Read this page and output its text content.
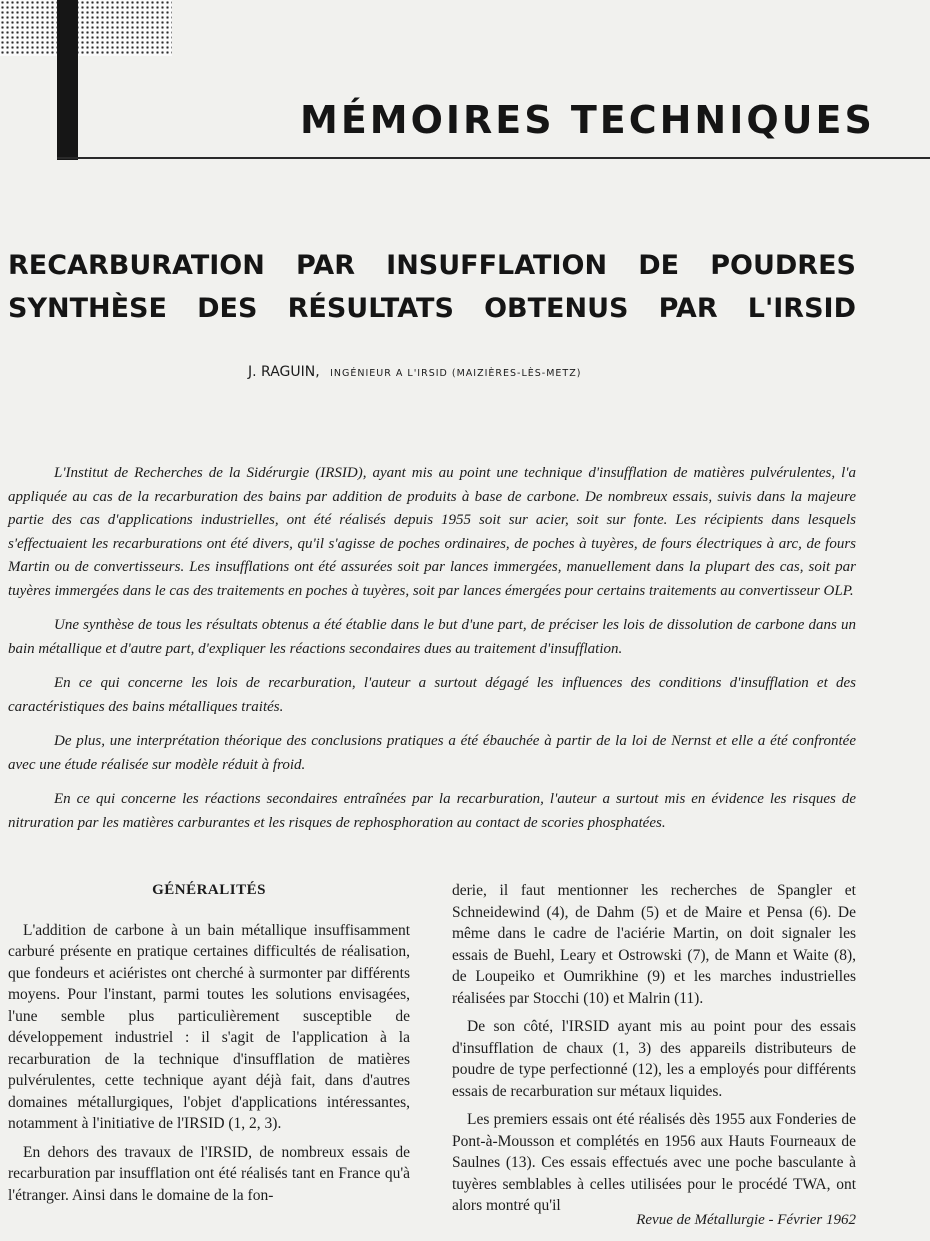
MÉMOIRES TECHNIQUES
RECARBURATION PAR INSUFFLATION DE POUDRES
SYNTHÈSE DES RÉSULTATS OBTENUS PAR L'IRSID
J. RAGUIN, INGÉNIEUR A L'IRSID (MAIZIÈRES-LÈS-METZ)

L'Institut de Recherches de la Sidérurgie (IRSID), ayant mis au point une technique d'insufflation de matières pulvérulentes, l'a appliquée au cas de la recarburation des bains par addition de produits à base de carbone. De nombreux essais, suivis dans la majeure partie des cas d'applications industrielles, ont été réalisés depuis 1955 soit sur acier, soit sur fonte. Les récipients dans lesquels s'effectuaient les recarburations ont été divers, qu'il s'agisse de poches ordinaires, de poches à tuyères, de fours électriques à arc, de fours Martin ou de convertisseurs. Les insufflations ont été assurées soit par lances immergées, manuellement dans la plupart des cas, soit par tuyères immergées dans le cas des traitements en poches à tuyères, soit par lances émergées pour certains traitements au convertisseur OLP.

Une synthèse de tous les résultats obtenus a été établie dans le but d'une part, de préciser les lois de dissolution de carbone dans un bain métallique et d'autre part, d'expliquer les réactions secondaires dues au traitement d'insufflation.

En ce qui concerne les lois de recarburation, l'auteur a surtout dégagé les influences des conditions d'insufflation et des caractéristiques des bains métalliques traités.

De plus, une interprétation théorique des conclusions pratiques a été ébauchée à partir de la loi de Nernst et elle a été confrontée avec une étude réalisée sur modèle réduit à froid.

En ce qui concerne les réactions secondaires entraînées par la recarburation, l'auteur a surtout mis en évidence les risques de nitruration par les matières carburantes et les risques de rephosphoration au contact de scories phosphatées.

GÉNÉRALITÉS

L'addition de carbone à un bain métallique insuffisamment carburé présente en pratique certaines difficultés de réalisation, que fondeurs et aciéristes ont cherché à surmonter par différents moyens. Pour l'instant, parmi toutes les solutions envisagées, l'une semble plus particulièrement susceptible de développement industriel : il s'agit de l'application à la recarburation de la technique d'insufflation de matières pulvérulentes, cette technique ayant déjà fait, dans d'autres domaines métallurgiques, l'objet d'applications intéressantes, notamment à l'initiative de l'IRSID (1, 2, 3).

En dehors des travaux de l'IRSID, de nombreux essais de recarburation par insufflation ont été réalisés tant en France qu'à l'étranger. Ainsi dans le domaine de la fon-

derie, il faut mentionner les recherches de Spangler et Schneidewind (4), de Dahm (5) et de Maire et Pensa (6). De même dans le cadre de l'aciérie Martin, on doit signaler les essais de Buehl, Leary et Ostrowski (7), de Mann et Waite (8), de Loupeiko et Oumrikhine (9) et les marches industrielles réalisées par Stocchi (10) et Malrin (11).

De son côté, l'IRSID ayant mis au point pour des essais d'insufflation de chaux (1, 3) des appareils distributeurs de poudre de type perfectionné (12), les a employés pour différents essais de recarburation sur métaux liquides.

Les premiers essais ont été réalisés dès 1955 aux Fonderies de Pont-à-Mousson et complétés en 1956 aux Hauts Fourneaux de Saulnes (13). Ces essais effectués avec une poche basculante à tuyères semblables à celles utilisées pour le procédé TWA, ont alors montré qu'il

Revue de Métallurgie - Février 1962
